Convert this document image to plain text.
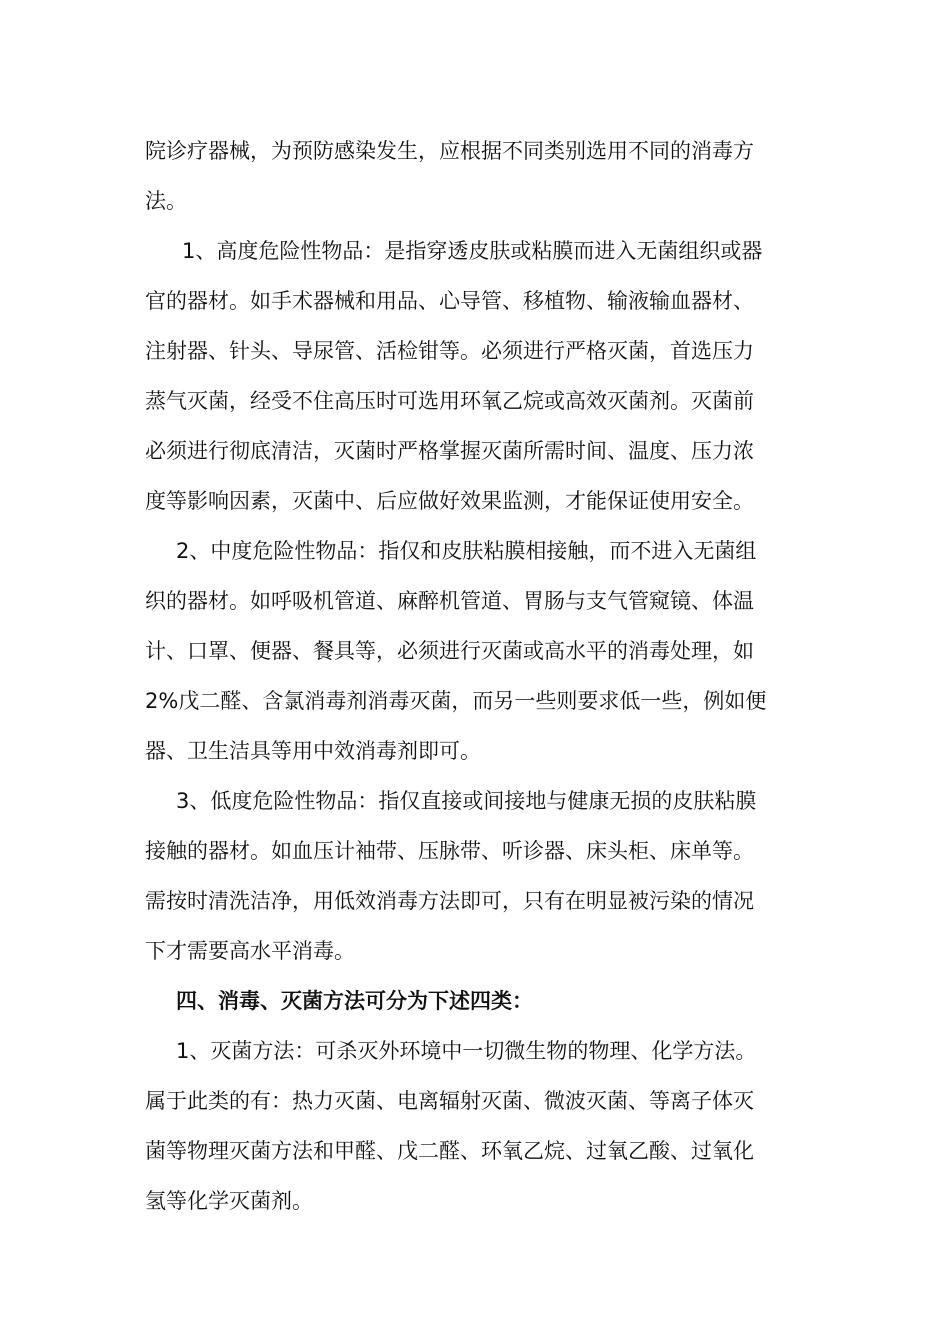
院诊疗器械，为预防感染发生，应根据不同类别选用不同的消毒方
法。
1、高度危险性物品：是指穿透皮肤或粘膜而进入无菌组织或器
官的器材。如手术器械和用品、心导管、移植物、输液输血器材、
注射器、针头、导尿管、活检钳等。必须进行严格灭菌，首选压力
蒸气灭菌，经受不住高压时可选用环氧乙烷或高效灭菌剂。灭菌前
必须进行彻底清洁，灭菌时严格掌握灭菌所需时间、温度、压力浓
度等影响因素，灭菌中、后应做好效果监测，才能保证使用安全。
2、中度危险性物品：指仅和皮肤粘膜相接触，而不进入无菌组
织的器材。如呼吸机管道、麻醉机管道、胃肠与支气管窥镜、体温
计、口罩、便器、餐具等，必须进行灭菌或高水平的消毒处理，如
2%戊二醛、含氯消毒剂消毒灭菌，而另一些则要求低一些，例如便
器、卫生洁具等用中效消毒剂即可。
3、低度危险性物品：指仅直接或间接地与健康无损的皮肤粘膜
接触的器材。如血压计袖带、压脉带、听诊器、床头柜、床单等。
需按时清洗洁净，用低效消毒方法即可，只有在明显被污染的情况
下才需要高水平消毒。
四、消毒、灭菌方法可分为下述四类：
1、灭菌方法：可杀灭外环境中一切微生物的物理、化学方法。
属于此类的有：热力灭菌、电离辐射灭菌、微波灭菌、等离子体灭
菌等物理灭菌方法和甲醛、戊二醛、环氧乙烷、过氧乙酸、过氧化
氢等化学灭菌剂。
